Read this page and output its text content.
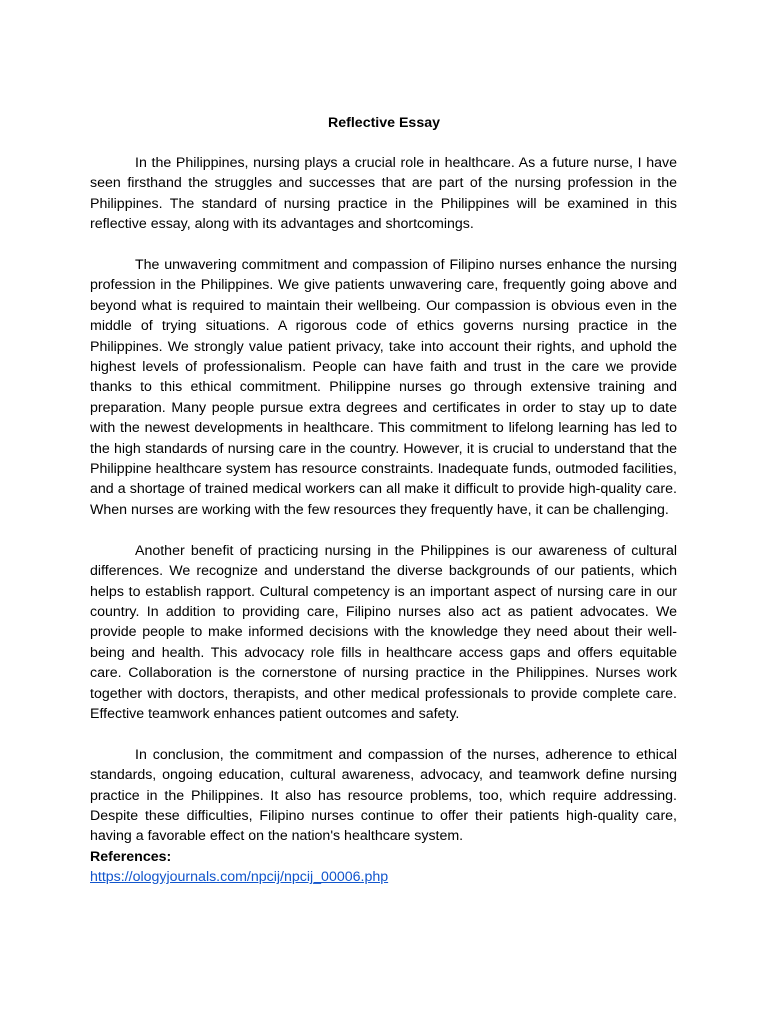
Reflective Essay

In the Philippines, nursing plays a crucial role in healthcare. As a future nurse, I have seen firsthand the struggles and successes that are part of the nursing profession in the Philippines. The standard of nursing practice in the Philippines will be examined in this reflective essay, along with its advantages and shortcomings.

The unwavering commitment and compassion of Filipino nurses enhance the nursing profession in the Philippines. We give patients unwavering care, frequently going above and beyond what is required to maintain their wellbeing. Our compassion is obvious even in the middle of trying situations. A rigorous code of ethics governs nursing practice in the Philippines. We strongly value patient privacy, take into account their rights, and uphold the highest levels of professionalism. People can have faith and trust in the care we provide thanks to this ethical commitment. Philippine nurses go through extensive training and preparation. Many people pursue extra degrees and certificates in order to stay up to date with the newest developments in healthcare. This commitment to lifelong learning has led to the high standards of nursing care in the country. However, it is crucial to understand that the Philippine healthcare system has resource constraints. Inadequate funds, outmoded facilities, and a shortage of trained medical workers can all make it difficult to provide high-quality care. When nurses are working with the few resources they frequently have, it can be challenging.

Another benefit of practicing nursing in the Philippines is our awareness of cultural differences. We recognize and understand the diverse backgrounds of our patients, which helps to establish rapport. Cultural competency is an important aspect of nursing care in our country. In addition to providing care, Filipino nurses also act as patient advocates. We provide people to make informed decisions with the knowledge they need about their well-being and health. This advocacy role fills in healthcare access gaps and offers equitable care. Collaboration is the cornerstone of nursing practice in the Philippines. Nurses work together with doctors, therapists, and other medical professionals to provide complete care. Effective teamwork enhances patient outcomes and safety.

In conclusion, the commitment and compassion of the nurses, adherence to ethical standards, ongoing education, cultural awareness, advocacy, and teamwork define nursing practice in the Philippines. It also has resource problems, too, which require addressing. Despite these difficulties, Filipino nurses continue to offer their patients high-quality care, having a favorable effect on the nation's healthcare system.

References:

https://ologyjournals.com/npcij/npcij_00006.php
